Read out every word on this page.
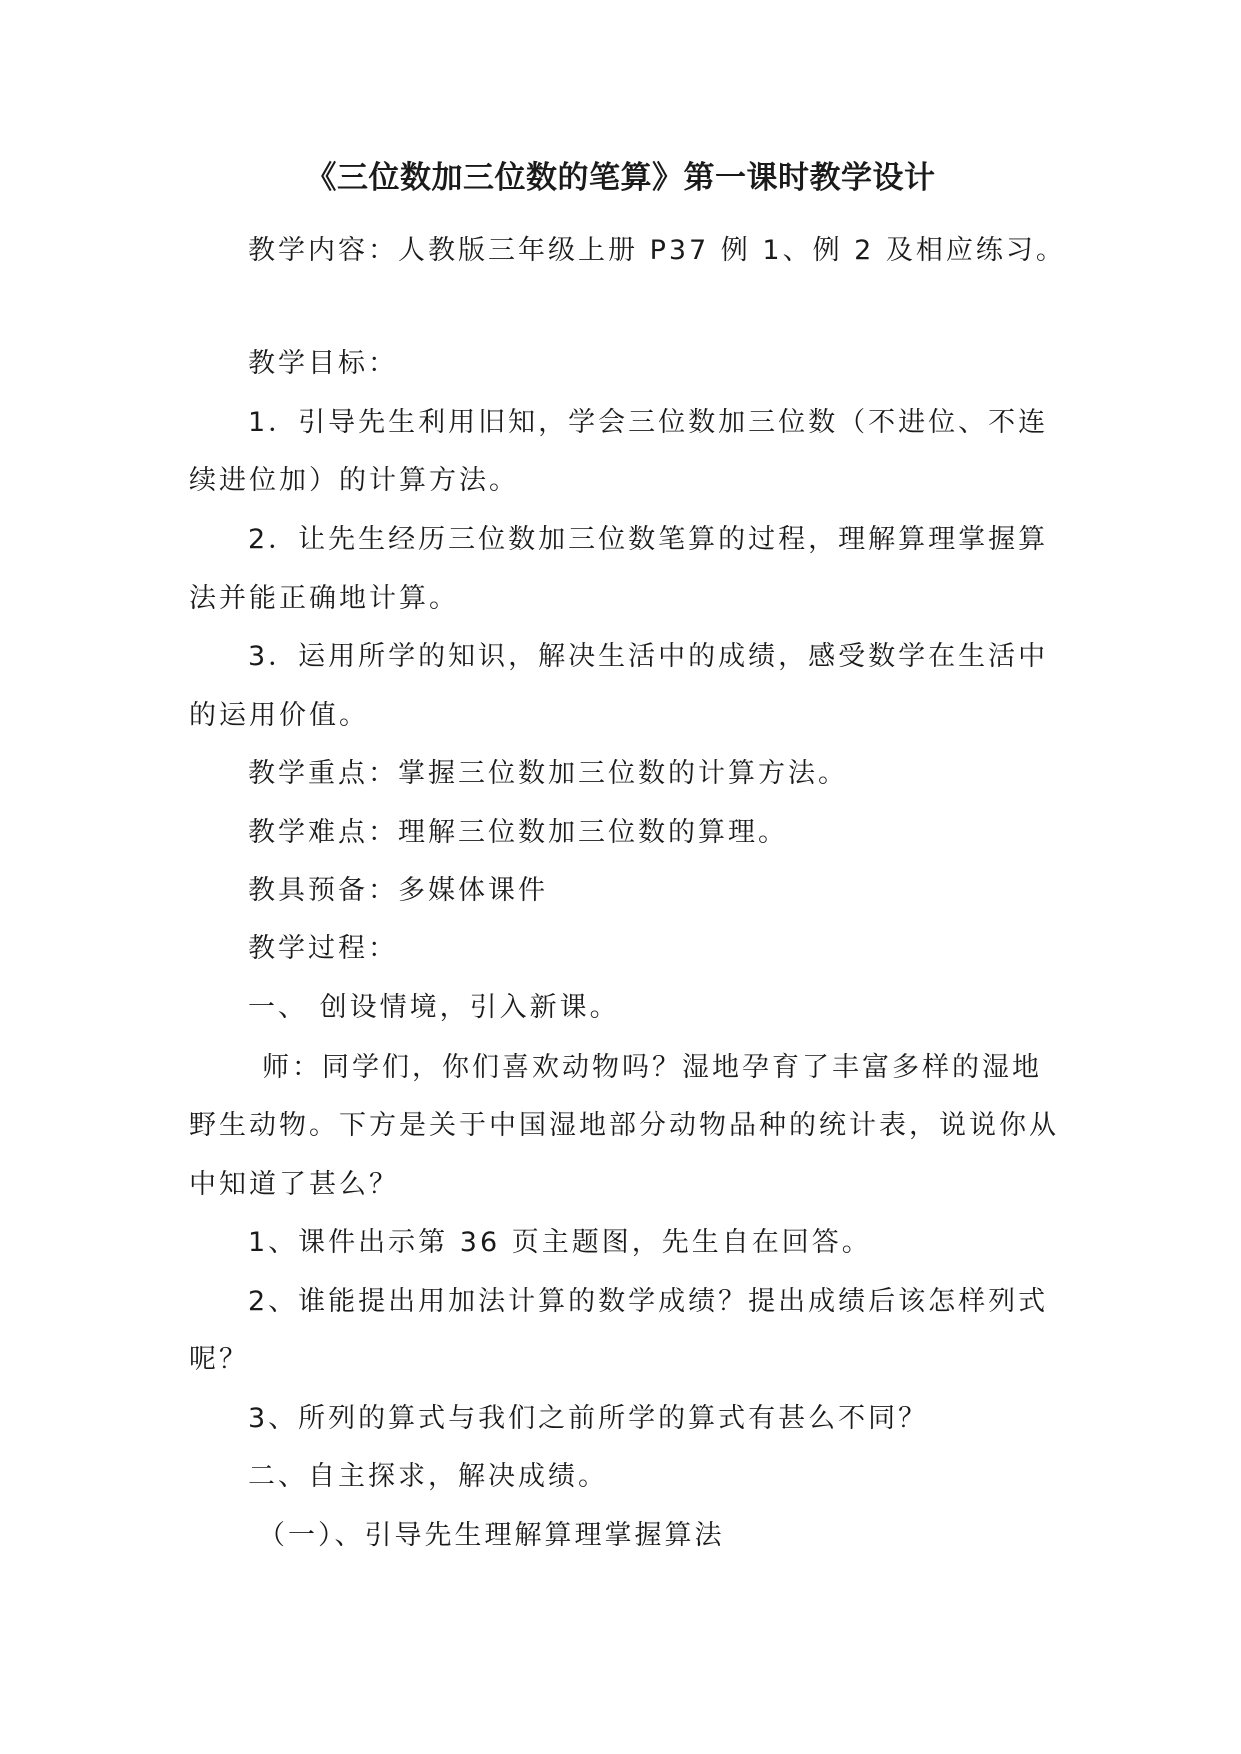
《三位数加三位数的笔算》第一课时教学设计
教学内容：人教版三年级上册 P37 例 1、例 2 及相应练习。
教学目标：
1．引导先生利用旧知，学会三位数加三位数（不进位、不连
续进位加）的计算方法。
2．让先生经历三位数加三位数笔算的过程，理解算理掌握算
法并能正确地计算。
3．运用所学的知识，解决生活中的成绩，感受数学在生活中
的运用价值。
教学重点：掌握三位数加三位数的计算方法。
教学难点：理解三位数加三位数的算理。
教具预备：多媒体课件
教学过程：
一、 创设情境，引入新课。
师：同学们，你们喜欢动物吗？湿地孕育了丰富多样的湿地
野生动物。下方是关于中国湿地部分动物品种的统计表，说说你从
中知道了甚么？
1、课件出示第 36 页主题图，先生自在回答。
2、谁能提出用加法计算的数学成绩？提出成绩后该怎样列式
呢？
3、所列的算式与我们之前所学的算式有甚么不同？
二、自主探求，解决成绩。
（一）、引导先生理解算理掌握算法
